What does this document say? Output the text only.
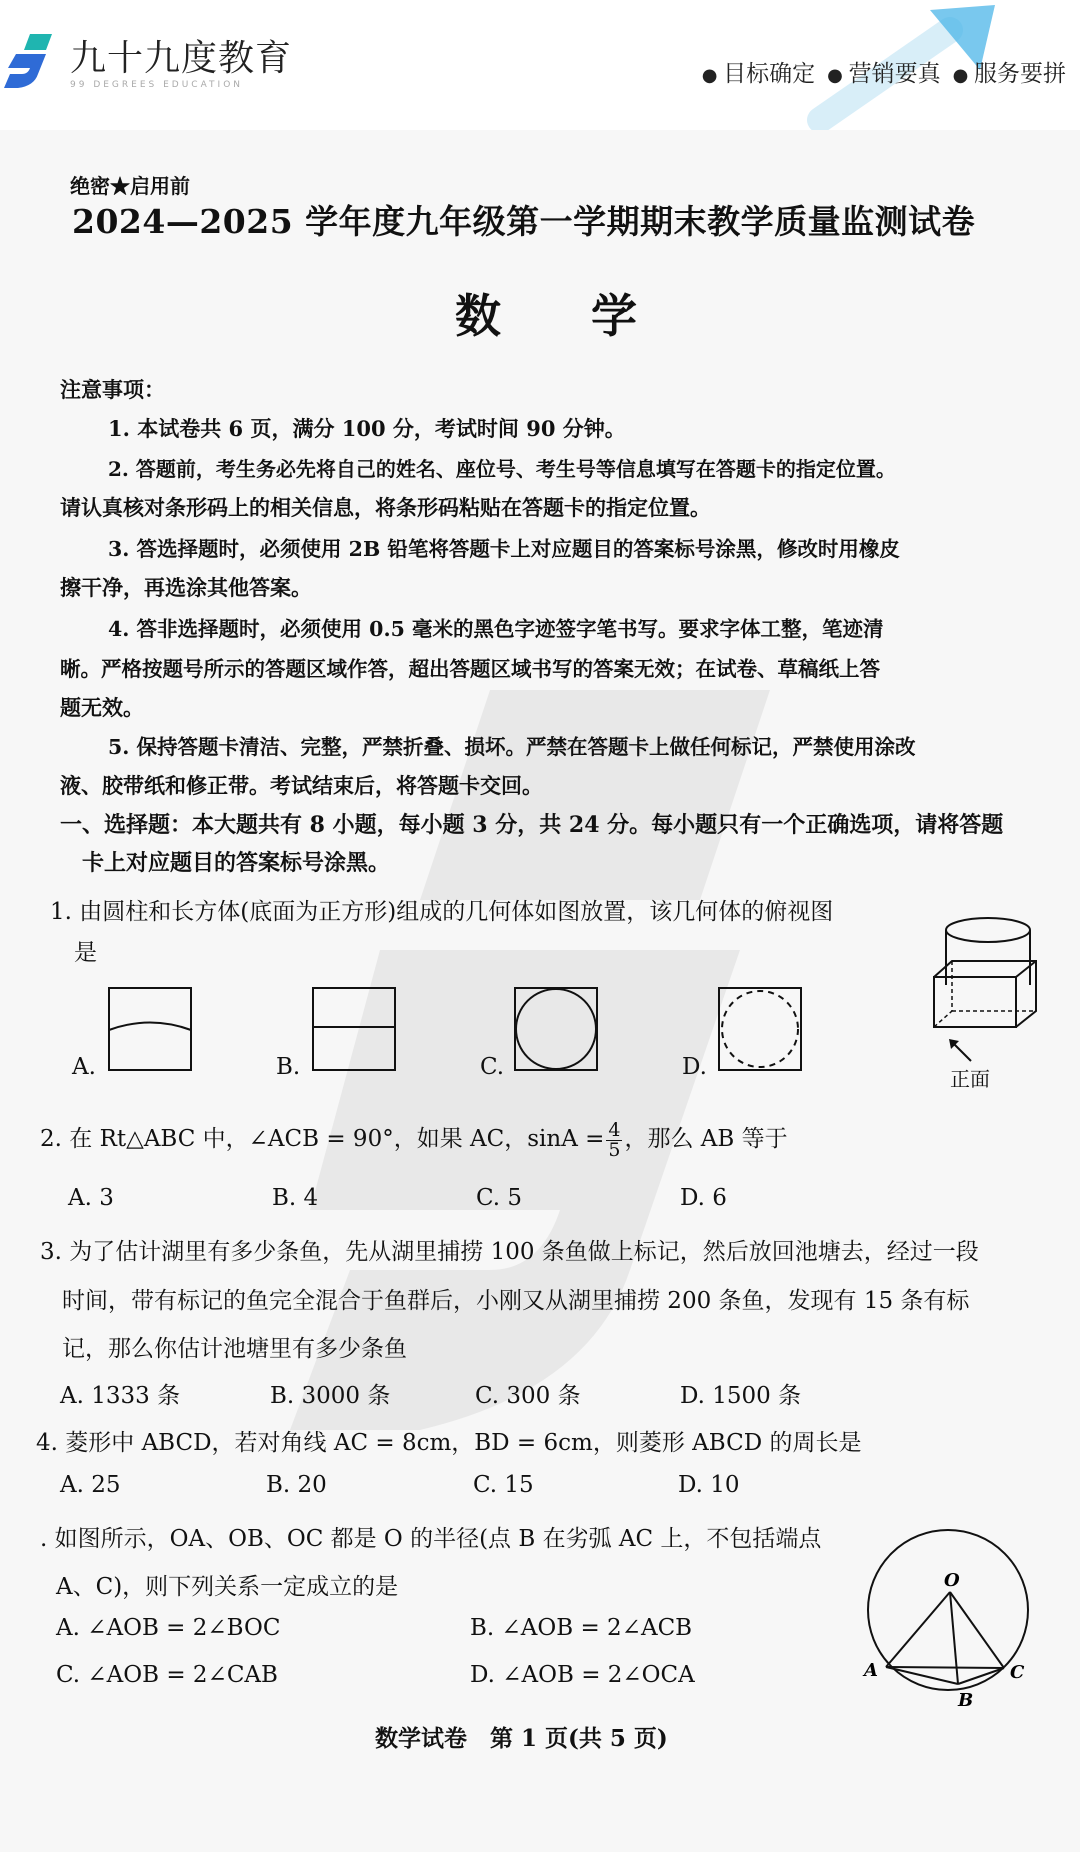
九十九度教育
99 DEGREES EDUCATION	● 目标确定	● 营销要真	● 服务要拼
绝密★启用前
2024—2025 学年度九年级第一学期期末教学质量监测试卷
数学
注意事项：
1. 本试卷共 6 页，满分 100 分，考试时间 90 分钟。
2. 答题前，考生务必先将自己的姓名、座位号、考生号等信息填写在答题卡的指定位置。
请认真核对条形码上的相关信息，将条形码粘贴在答题卡的指定位置。
3. 答选择题时，必须使用 2B 铅笔将答题卡上对应题目的答案标号涂黑，修改时用橡皮
擦干净，再选涂其他答案。
4. 答非选择题时，必须使用 0.5 毫米的黑色字迹签字笔书写。要求字体工整，笔迹清
晰。严格按题号所示的答题区域作答，超出答题区域书写的答案无效；在试卷、草稿纸上答
题无效。
5. 保持答题卡清洁、完整，严禁折叠、损坏。严禁在答题卡上做任何标记，严禁使用涂改
液、胶带纸和修正带。考试结束后，将答题卡交回。
一、选择题：本大题共有 8 小题，每小题 3 分，共 24 分。每小题只有一个正确选项，请将答题
卡上对应题目的答案标号涂黑。
1. 由圆柱和长方体(底面为正方形)组成的几何体如图放置，该几何体的俯视图
是
正面
A.	B.	C.	D.
2. 在 Rt△ABC 中，∠ACB = 90°，如果 AC，$\sin A = \frac{4}{5}$ ，那么 AB 等于
A. 3	B. 4	C. 5	D. 6
3. 为了估计湖里有多少条鱼，先从湖里捕捞 100 条鱼做上标记，然后放回池塘去，经过一段
时间，带有标记的鱼完全混合于鱼群后，小刚又从湖里捕捞 200 条鱼，发现有 15 条有标
记，那么你估计池塘里有多少条鱼
A. 1333 条	B. 3000 条	C. 300 条	D. 1500 条
4. 菱形中 ABCD，若对角线 AC = 8cm，BD = 6cm，则菱形 ABCD 的周长是
A. 25	B. 20	C. 15	D. 10
. 如图所示，OA、OB、OC 都是 O 的半径(点 B 在劣弧 AC 上，不包括端点
A、C)，则下列关系一定成立的是
A. ∠AOB = 2∠BOC	B. ∠AOB = 2∠ACB
C. ∠AOB = 2∠CAB	D. ∠AOB = 2∠OCA
O
A
B
C
数学试卷　第 1 页(共 5 页)
